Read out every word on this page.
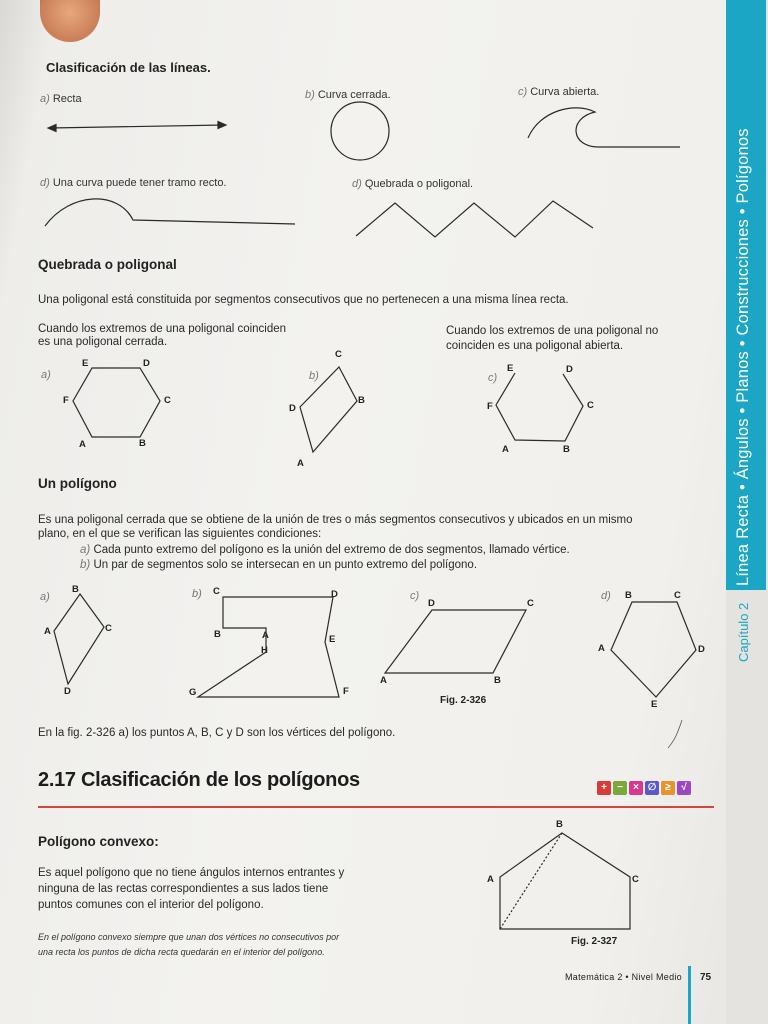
Línea Recta • Ángulos • Planos • Construcciones • Polígonos
Capítulo 2
Clasificación de las líneas.
a) Recta	b) Curva cerrada.	c) Curva abierta.
d) Una curva puede tener tramo recto.	d) Quebrada o poligonal.
Quebrada o poligonal
Una poligonal está constituida por segmentos consecutivos que no pertenecen a una misma línea recta.
Cuando los extremos de una poligonal coinciden
es una poligonal cerrada.
Cuando los extremos de una poligonal no
coinciden es una poligonal abierta.
a)
E	D
F	C
A	B
b)
C
D
B
A
c)
E	D
F	C
A	B
Un polígono
Es una poligonal cerrada que se obtiene de la unión de tres o más segmentos consecutivos y ubicados en un mismo
plano, en el que se verifican las siguientes condiciones:
a) Cada punto extremo del polígono es la unión del extremo de dos segmentos, llamado vértice.
b) Un par de segmentos solo se intersecan en un punto extremo del polígono.
a)
B
A	C
D
b) C	D
B	A
H
E
G	F
c)
D	C
A	B
Fig. 2-326
d) B	C
A	D
E
En la fig. 2-326 a) los puntos A, B, C y D son los vértices del polígono.
2.17 Clasificación de los polígonos	+	−	× ∅ ≥	√
Polígono convexo:
Es aquel polígono que no tiene ángulos internos entrantes y
ninguna de las rectas correspondientes a sus lados tiene
puntos comunes con el interior del polígono.
En el polígono convexo siempre que unan dos vértices no consecutivos por
una recta los puntos de dicha recta quedarán en el interior del polígono.
B
A	C
Fig. 2-327
Matemática 2 • Nivel Medio 75
